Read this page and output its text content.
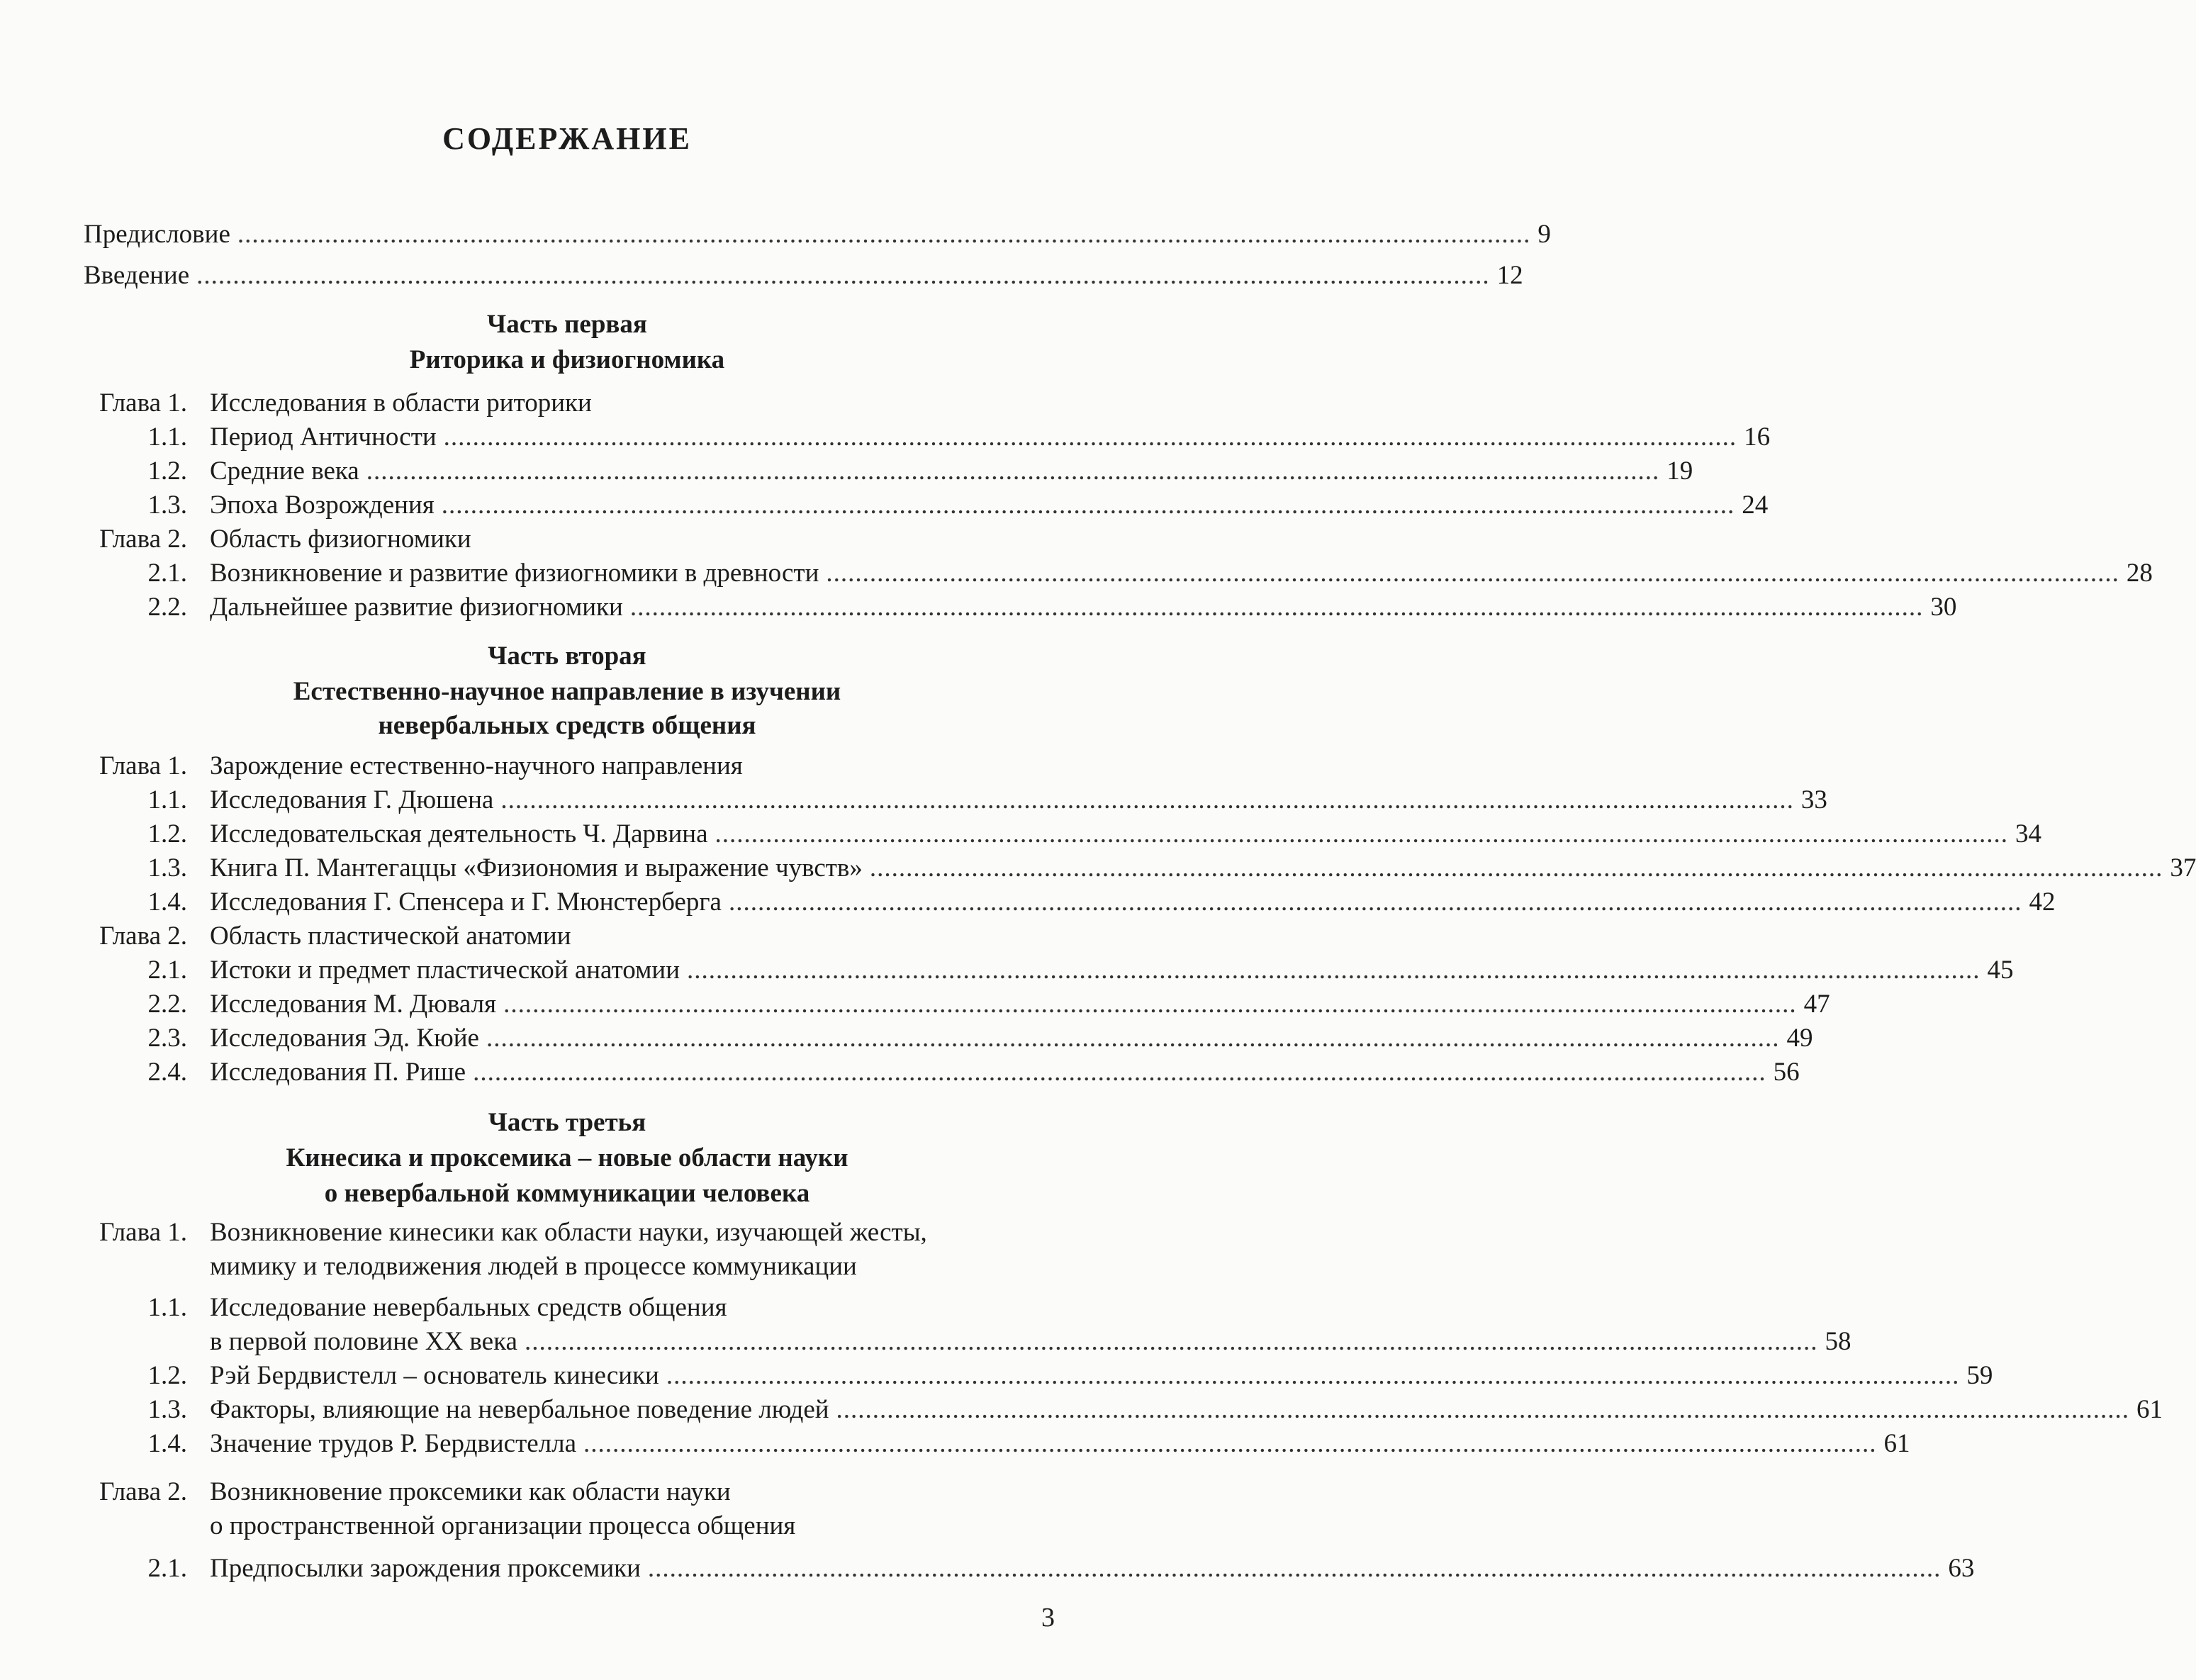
СОДЕРЖАНИЕ
Предисловие .................................................................................................................................................................................. 9
Введение .................................................................................................................................................................................. 12
Часть первая
Риторика и физиогномика
Глава 1. Исследования в области риторики
1.1. Период Античности .................................................................................................................................................................................. 16
1.2. Средние века .................................................................................................................................................................................. 19
1.3. Эпоха Возрождения .................................................................................................................................................................................. 24
Глава 2. Область физиогномики
2.1. Возникновение и развитие физиогномики в древности .................................................................................................................................................................................. 28
2.2. Дальнейшее развитие физиогномики .................................................................................................................................................................................. 30
Часть вторая
Естественно-научное направление в изучении
невербальных средств общения
Глава 1. Зарождение естественно-научного направления
1.1. Исследования Г. Дюшена .................................................................................................................................................................................. 33
1.2. Исследовательская деятельность Ч. Дарвина .................................................................................................................................................................................. 34
1.3. Книга П. Мантегаццы «Физиономия и выражение чувств» .................................................................................................................................................................................. 37
1.4. Исследования Г. Спенсера и Г. Мюнстерберга .................................................................................................................................................................................. 42
Глава 2. Область пластической анатомии
2.1. Истоки и предмет пластической анатомии .................................................................................................................................................................................. 45
2.2. Исследования М. Дюваля .................................................................................................................................................................................. 47
2.3. Исследования Эд. Кюйе .................................................................................................................................................................................. 49
2.4. Исследования П. Рише .................................................................................................................................................................................. 56
Часть третья
Кинесика и проксемика – новые области науки
о невербальной коммуникации человека
Глава 1. Возникновение кинесики как области науки, изучающей жесты,
мимику и телодвижения людей в процессе коммуникации
1.1. Исследование невербальных средств общения
в первой половине XX века .................................................................................................................................................................................. 58
1.2. Рэй Бердвистелл – основатель кинесики .................................................................................................................................................................................. 59
1.3. Факторы, влияющие на невербальное поведение людей .................................................................................................................................................................................. 61
1.4. Значение трудов Р. Бердвистелла .................................................................................................................................................................................. 61
Глава 2. Возникновение проксемики как области науки
о пространственной организации процесса общения
2.1. Предпосылки зарождения проксемики .................................................................................................................................................................................. 63
3
